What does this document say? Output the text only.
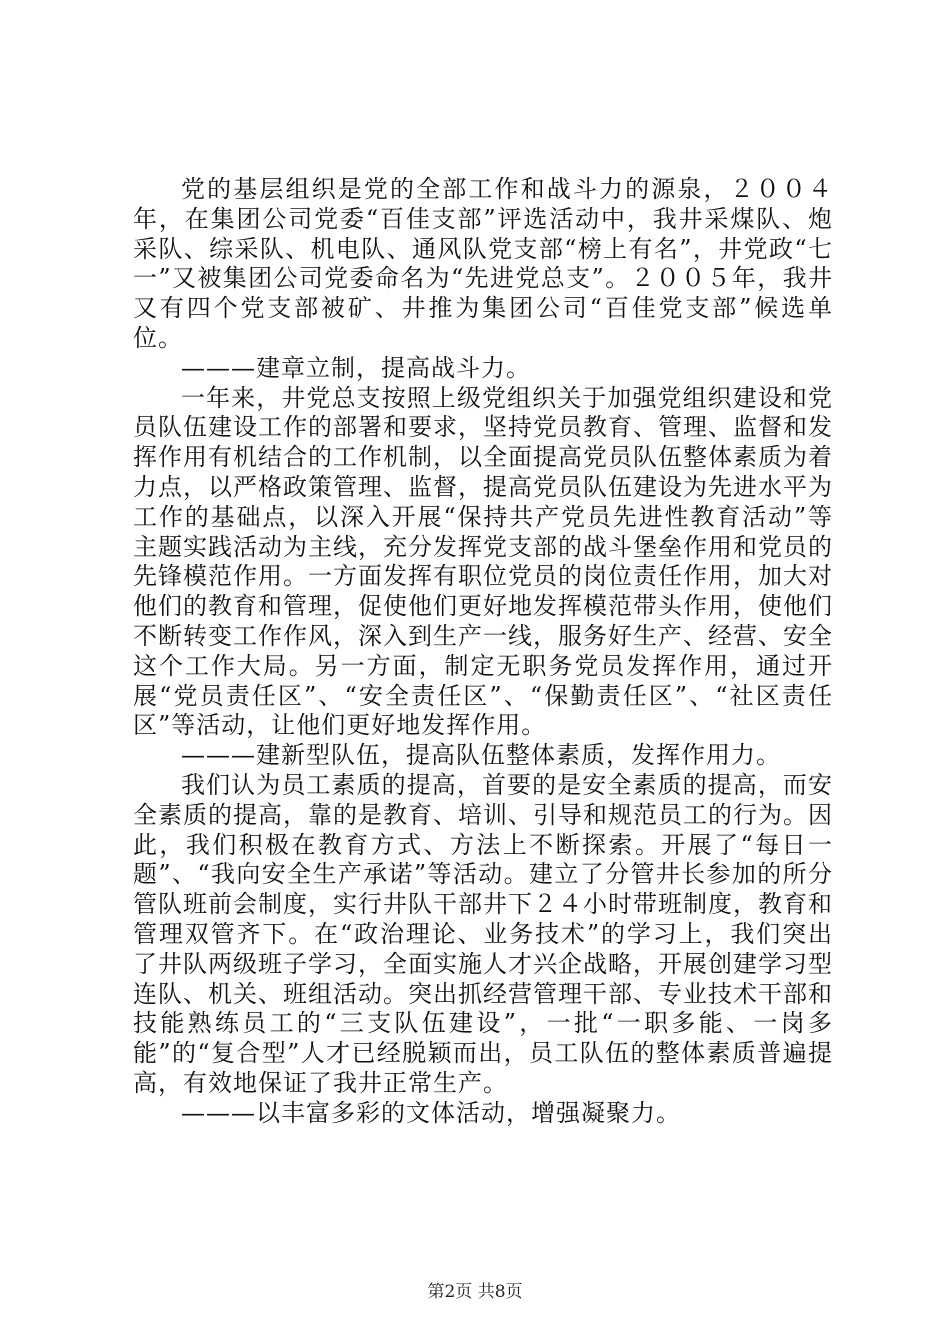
党的基层组织是党的全部工作和战斗力的源泉，２００４年，在集团公司党委“百佳支部”评选活动中，我井采煤队、炮采队、综采队、机电队、通风队党支部“榜上有名”，井党政“七一”又被集团公司党委命名为“先进党总支”。２００５年，我井又有四个党支部被矿、井推为集团公司“百佳党支部”候选单位。

———建章立制，提高战斗力。

一年来，井党总支按照上级党组织关于加强党组织建设和党员队伍建设工作的部署和要求，坚持党员教育、管理、监督和发挥作用有机结合的工作机制，以全面提高党员队伍整体素质为着力点，以严格政策管理、监督，提高党员队伍建设为先进水平为工作的基础点，以深入开展“保持共产党员先进性教育活动”等主题实践活动为主线，充分发挥党支部的战斗堡垒作用和党员的先锋模范作用。一方面发挥有职位党员的岗位责任作用，加大对他们的教育和管理，促使他们更好地发挥模范带头作用，使他们不断转变工作作风，深入到生产一线，服务好生产、经营、安全这个工作大局。另一方面，制定无职务党员发挥作用，通过开展“党员责任区”、“安全责任区”、“保勤责任区”、“社区责任区”等活动，让他们更好地发挥作用。

———建新型队伍，提高队伍整体素质，发挥作用力。

我们认为员工素质的提高，首要的是安全素质的提高，而安全素质的提高，靠的是教育、培训、引导和规范员工的行为。因此，我们积极在教育方式、方法上不断探索。开展了“每日一题”、“我向安全生产承诺”等活动。建立了分管井长参加的所分管队班前会制度，实行井队干部井下２４小时带班制度，教育和管理双管齐下。在“政治理论、业务技术”的学习上，我们突出了井队两级班子学习，全面实施人才兴企战略，开展创建学习型连队、机关、班组活动。突出抓经营管理干部、专业技术干部和技能熟练员工的“三支队伍建设”，一批“一职多能、一岗多能”的“复合型”人才已经脱颖而出，员工队伍的整体素质普遍提高，有效地保证了我井正常生产。

———以丰富多彩的文体活动，增强凝聚力。

第2页 共8页
